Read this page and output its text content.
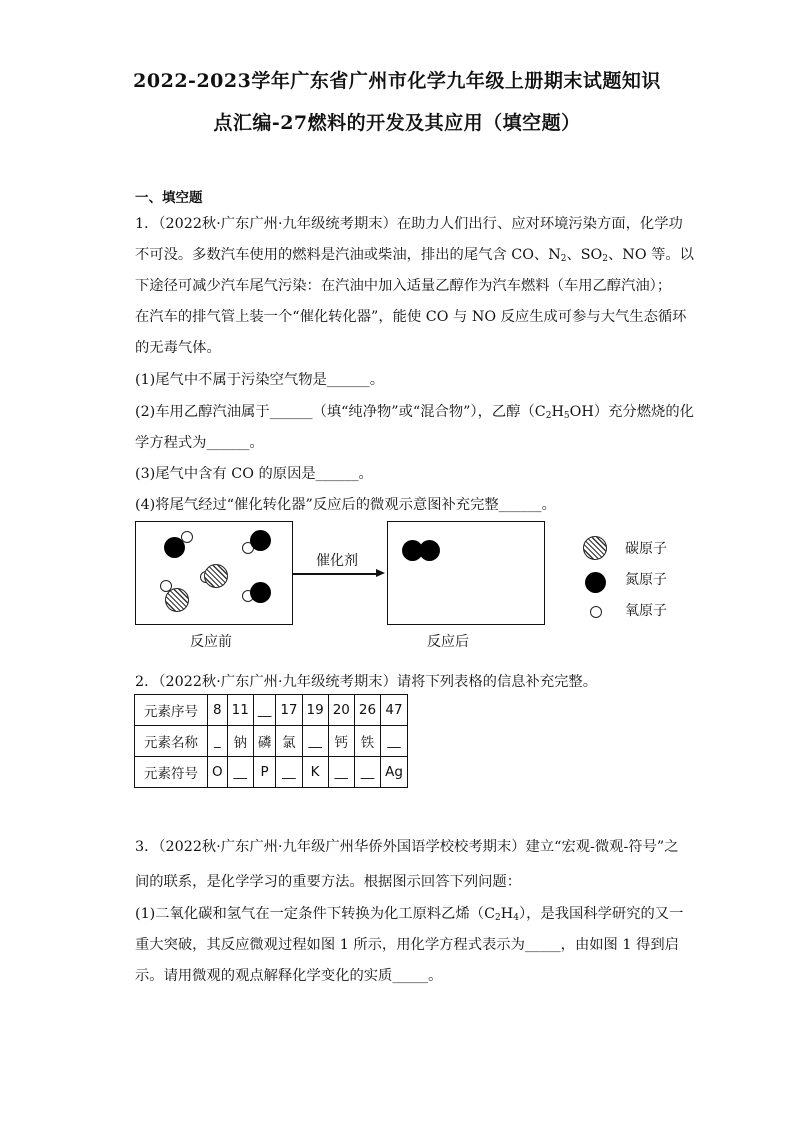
2022-2023学年广东省广州市化学九年级上册期末试题知识
点汇编-27燃料的开发及其应用（填空题）
一、填空题
1．（2022秋·广东广州·九年级统考期末）在助力人们出行、应对环境污染方面，化学功
不可没。多数汽车使用的燃料是汽油或柴油，排出的尾气含 CO、$N_2$、$SO_2$、NO 等。以
下途径可减少汽车尾气污染：在汽油中加入适量乙醇作为汽车燃料（车用乙醇汽油）；
在汽车的排气管上装一个“催化转化器”，能使 CO 与 NO 反应生成可参与大气生态循环
的无毒气体。
(1)尾气中不属于污染空气物是______。
(2)车用乙醇汽油属于______（填“纯净物”或“混合物”），乙醇$(C_2H_5OH)$充分燃烧的化
学方程式为______。
(3)尾气中含有 CO 的原因是______。
(4)将尾气经过“催化转化器”反应后的微观示意图补充完整______。
反应前
催化剂
反应后
碳原子
氮原子
氧原子
2．（2022秋·广东广州·九年级统考期末）请将下列表格的信息补充完整。
元素序号	8	11	__	17	19	20	26	47
元素名称	_	钠	磷	氯	__	钙	铁	__
元素符号	O	__	P	__	K	__	__	Ag
3．（2022秋·广东广州·九年级广州华侨外国语学校校考期末）建立“宏观-微观-符号”之
间的联系，是化学学习的重要方法。根据图示回答下列问题：
(1)二氧化碳和氢气在一定条件下转换为化工原料乙烯$(C_2H_4)$，是我国科学研究的又一
重大突破，其反应微观过程如图 1 所示，用化学方程式表示为_____，由如图 1 得到启
示。请用微观的观点解释化学变化的实质_____。
